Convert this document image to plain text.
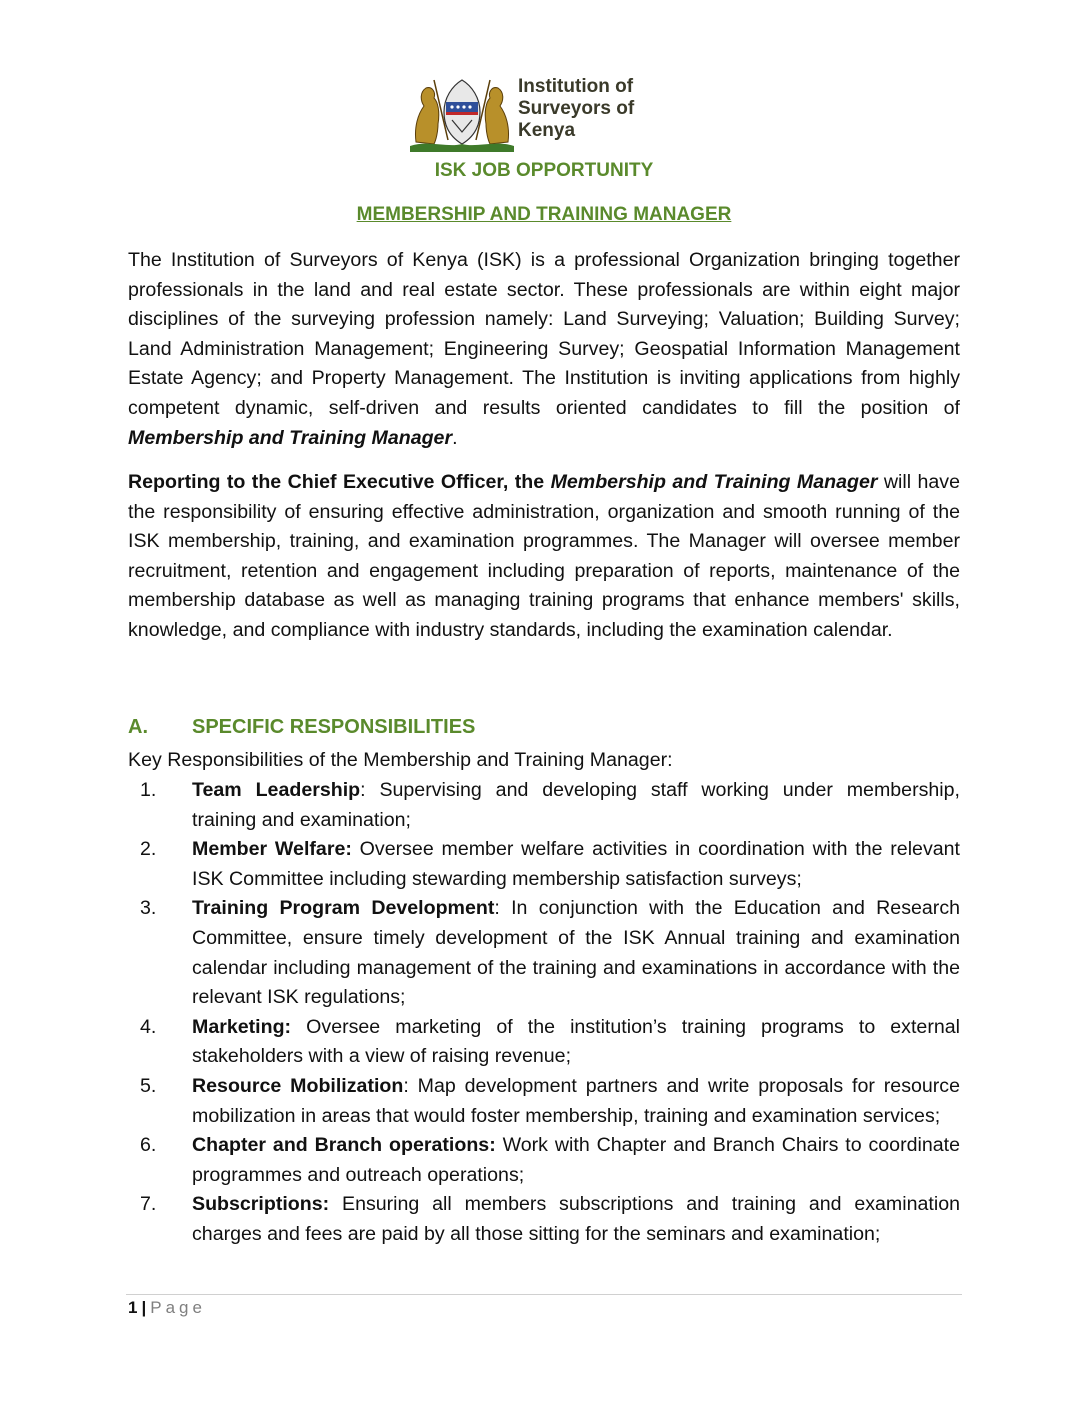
Institution of
Surveyors of
Kenya
ISK JOB OPPORTUNITY
MEMBERSHIP AND TRAINING MANAGER
The Institution of Surveyors of Kenya (ISK) is a professional Organization bringing together professionals in the land and real estate sector. These professionals are within eight major disciplines of the surveying profession namely: Land Surveying; Valuation; Building Survey; Land Administration Management; Engineering Survey; Geospatial Information Management Estate Agency; and Property Management. The Institution is inviting applications from highly competent dynamic, self-driven and results oriented candidates to fill the position of Membership and Training Manager.
Reporting to the Chief Executive Officer, the Membership and Training Manager will have the responsibility of ensuring effective administration, organization and smooth running of the ISK membership, training, and examination programmes. The Manager will oversee member recruitment, retention and engagement including preparation of reports, maintenance of the membership database as well as managing training programs that enhance members' skills, knowledge, and compliance with industry standards, including the examination calendar.
A. SPECIFIC RESPONSIBILITIES
Key Responsibilities of the Membership and Training Manager:
1. Team Leadership: Supervising and developing staff working under membership, training and examination;
2. Member Welfare: Oversee member welfare activities in coordination with the relevant ISK Committee including stewarding membership satisfaction surveys;
3. Training Program Development: In conjunction with the Education and Research Committee, ensure timely development of the ISK Annual training and examination calendar including management of the training and examinations in accordance with the relevant ISK regulations;
4. Marketing: Oversee marketing of the institution’s training programs to external stakeholders with a view of raising revenue;
5. Resource Mobilization: Map development partners and write proposals for resource mobilization in areas that would foster membership, training and examination services;
6. Chapter and Branch operations: Work with Chapter and Branch Chairs to coordinate programmes and outreach operations;
7. Subscriptions: Ensuring all members subscriptions and training and examination charges and fees are paid by all those sitting for the seminars and examination;
1 | Page
